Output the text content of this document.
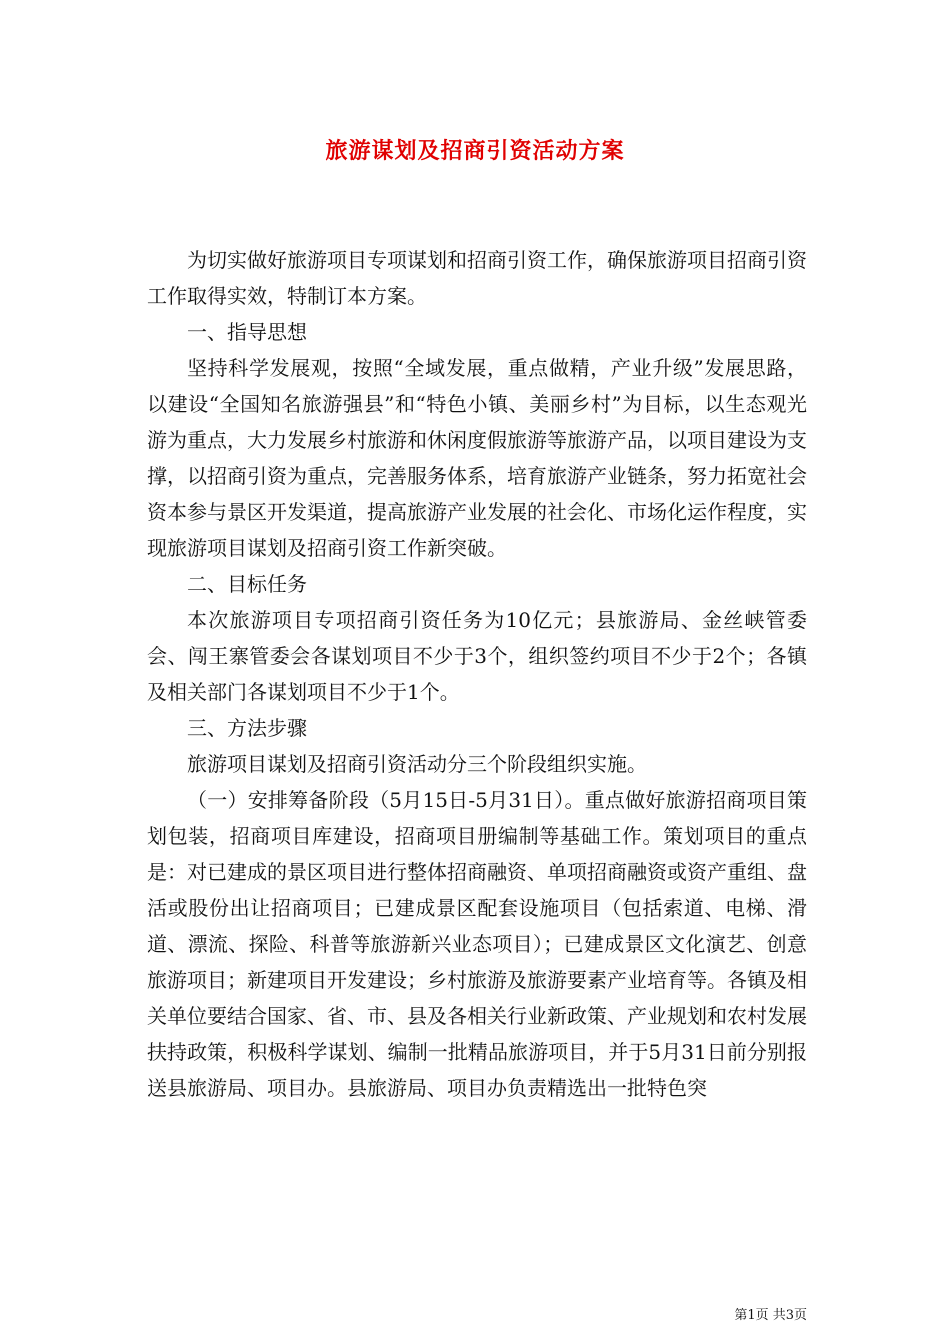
旅游谋划及招商引资活动方案

为切实做好旅游项目专项谋划和招商引资工作，确保旅游项目招商引资工作取得实效，特制订本方案。

一、指导思想

坚持科学发展观，按照“全域发展，重点做精，产业升级”发展思路，以建设“全国知名旅游强县”和“特色小镇、美丽乡村”为目标，以生态观光游为重点，大力发展乡村旅游和休闲度假旅游等旅游产品，以项目建设为支撑，以招商引资为重点，完善服务体系，培育旅游产业链条，努力拓宽社会资本参与景区开发渠道，提高旅游产业发展的社会化、市场化运作程度，实现旅游项目谋划及招商引资工作新突破。

二、目标任务

本次旅游项目专项招商引资任务为10亿元；县旅游局、金丝峡管委会、闯王寨管委会各谋划项目不少于3个，组织签约项目不少于2个；各镇及相关部门各谋划项目不少于1个。

三、方法步骤

旅游项目谋划及招商引资活动分三个阶段组织实施。

（一）安排筹备阶段（5月15日-5月31日）。重点做好旅游招商项目策划包装，招商项目库建设，招商项目册编制等基础工作。策划项目的重点是：对已建成的景区项目进行整体招商融资、单项招商融资或资产重组、盘活或股份出让招商项目；已建成景区配套设施项目（包括索道、电梯、滑道、漂流、探险、科普等旅游新兴业态项目）；已建成景区文化演艺、创意旅游项目；新建项目开发建设；乡村旅游及旅游要素产业培育等。各镇及相关单位要结合国家、省、市、县及各相关行业新政策、产业规划和农村发展扶持政策，积极科学谋划、编制一批精品旅游项目，并于5月31日前分别报送县旅游局、项目办。县旅游局、项目办负责精选出一批特色突

第1页 共3页
